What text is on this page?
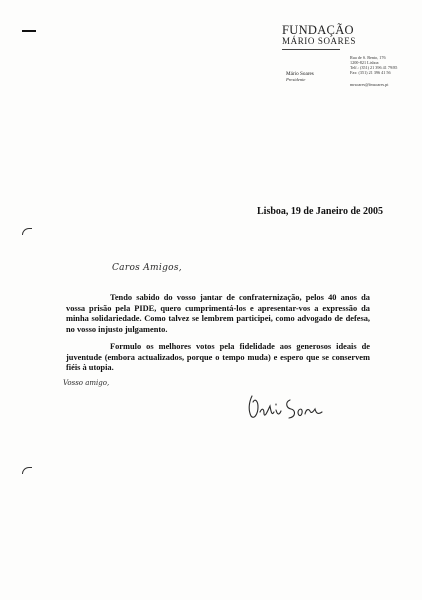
FUNDAÇÃO
MÁRIO SOARES
Rua de S. Bento, 176
1200-821 Lisboa
Telf.: (351) 21 396 41 79/85
Fax: (351) 21 396 41 56
mrsoares@fmsoares.pt
Mário Soares
Presidente
Lisboa, 19 de Janeiro de 2005
Caros Amigos,

Tendo sabido do vosso jantar de confraternização, pelos 40 anos da vossa prisão pela PIDE, quero cumprimentá-los e apresentar-vos a expressão da minha solidariedade. Como talvez se lembrem participei, como advogado de defesa, no vosso injusto julgamento.

Formulo os melhores votos pela fidelidade aos generosos ideais de juventude (embora actualizados, porque o tempo muda) e espero que se conservem fiéis à utopia.

Vosso amigo,
